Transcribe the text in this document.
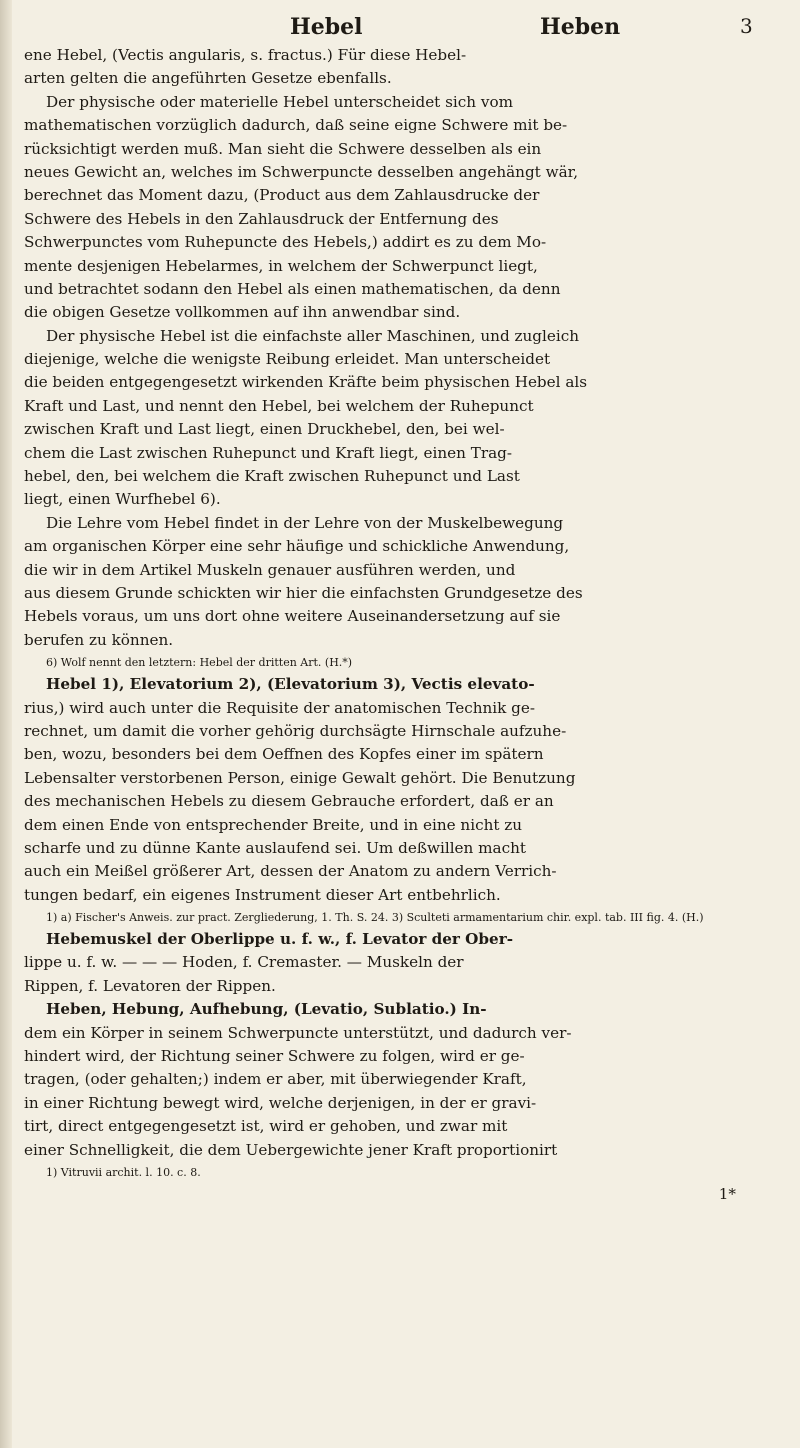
Hebel	Heben	3
ene Hebel, (Vectis angularis, s. fractus.) Für diese Hebel-
arten gelten die angeführten Gesetze ebenfalls.
Der physische oder materielle Hebel unterscheidet sich vom
mathematischen vorzüglich dadurch, daß seine eigne Schwere mit be-
rücksichtigt werden muß. Man sieht die Schwere desselben als ein
neues Gewicht an, welches im Schwerpuncte desselben angehängt wär,
berechnet das Moment dazu, (Product aus dem Zahlausdrucke der
Schwere des Hebels in den Zahlausdruck der Entfernung des
Schwerpunctes vom Ruhepuncte des Hebels,) addirt es zu dem Mo-
mente desjenigen Hebelarmes, in welchem der Schwerpunct liegt,
und betrachtet sodann den Hebel als einen mathematischen, da denn
die obigen Gesetze vollkommen auf ihn anwendbar sind.
Der physische Hebel ist die einfachste aller Maschinen, und zugleich
diejenige, welche die wenigste Reibung erleidet. Man unterscheidet
die beiden entgegengesetzt wirkenden Kräfte beim physischen Hebel als
Kraft und Last, und nennt den Hebel, bei welchem der Ruhepunct
zwischen Kraft und Last liegt, einen Druckhebel, den, bei wel-
chem die Last zwischen Ruhepunct und Kraft liegt, einen Trag-
hebel, den, bei welchem die Kraft zwischen Ruhepunct und Last
liegt, einen Wurfhebel 6).
Die Lehre vom Hebel findet in der Lehre von der Muskelbewegung
am organischen Körper eine sehr häufige und schickliche Anwendung,
die wir in dem Artikel Muskeln genauer ausführen werden, und
aus diesem Grunde schickten wir hier die einfachsten Grundgesetze des
Hebels voraus, um uns dort ohne weitere Auseinandersetzung auf sie
berufen zu können.
6) Wolf nennt den letztern: Hebel der dritten Art. (H.*)
Hebel 1), Elevatorium 2), (Elevatorium 3), Vectis elevato-
rius,) wird auch unter die Requisite der anatomischen Technik ge-
rechnet, um damit die vorher gehörig durchsägte Hirnschale aufzuhe-
ben, wozu, besonders bei dem Oeffnen des Kopfes einer im spätern
Lebensalter verstorbenen Person, einige Gewalt gehört. Die Benutzung
des mechanischen Hebels zu diesem Gebrauche erfordert, daß er an
dem einen Ende von entsprechender Breite, und in eine nicht zu
scharfe und zu dünne Kante auslaufend sei. Um deßwillen macht
auch ein Meißel größerer Art, dessen der Anatom zu andern Verrich-
tungen bedarf, ein eigenes Instrument dieser Art entbehrlich.
1) a) Fischer's Anweis. zur pract. Zergliederung, 1. Th. S. 24. 3) Sculteti armamentarium chir. expl. tab. III fig. 4. (H.)
Hebemuskel der Oberlippe u. f. w., f. Levator der Ober-
lippe u. f. w. — — — Hoden, f. Cremaster. — Muskeln der
Rippen, f. Levatoren der Rippen.
Heben, Hebung, Aufhebung, (Levatio, Sublatio.) In-
dem ein Körper in seinem Schwerpuncte unterstützt, und dadurch ver-
hindert wird, der Richtung seiner Schwere zu folgen, wird er ge-
tragen, (oder gehalten;) indem er aber, mit überwiegender Kraft,
in einer Richtung bewegt wird, welche derjenigen, in der er gravi-
tirt, direct entgegengesetzt ist, wird er gehoben, und zwar mit
einer Schnelligkeit, die dem Uebergewichte jener Kraft proportionirt
1) Vitruvii archit. l. 10. c. 8.
1*
